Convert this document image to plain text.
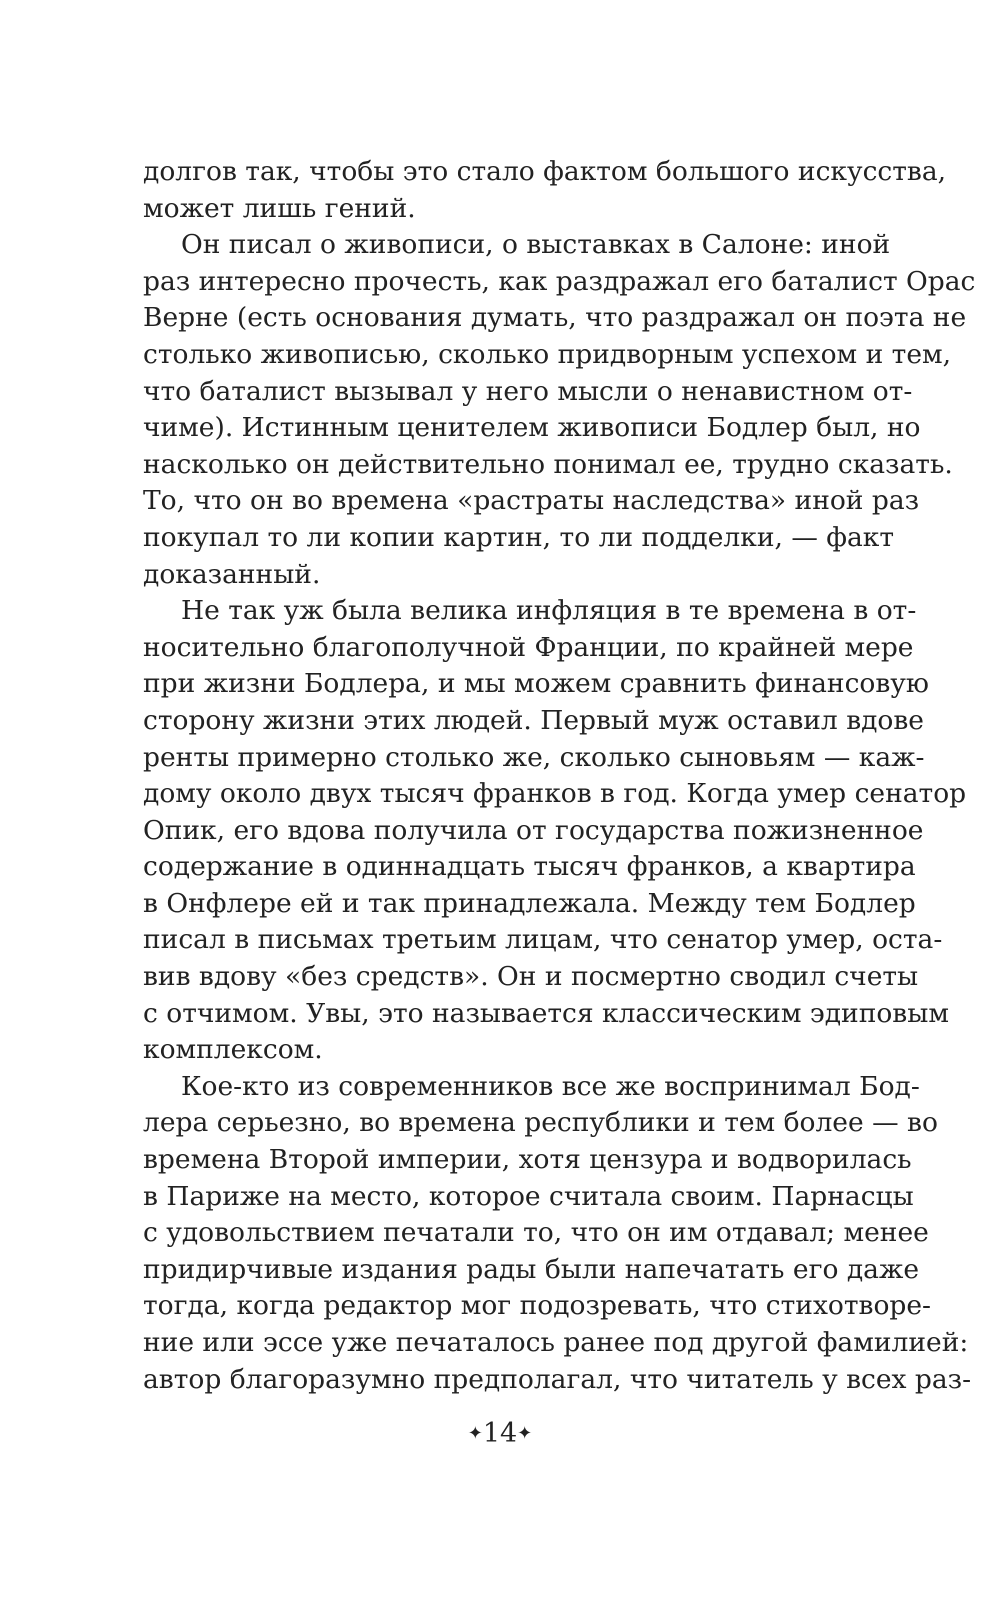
долгов так, чтобы это стало фактом большого искусства,
может лишь гений.
Он писал о живописи, о выставках в Салоне: иной
раз интересно прочесть, как раздражал его баталист Орас
Верне (есть основания думать, что раздражал он поэта не
столько живописью, сколько придворным успехом и тем,
что баталист вызывал у него мысли о ненавистном от-
чиме). Истинным ценителем живописи Бодлер был, но
насколько он действительно понимал ее, трудно сказать.
То, что он во времена «растраты наследства» иной раз
покупал то ли копии картин, то ли подделки, — факт
доказанный.
Не так уж была велика инфляция в те времена в от-
носительно благополучной Франции, по крайней мере
при жизни Бодлера, и мы можем сравнить финансовую
сторону жизни этих людей. Первый муж оставил вдове
ренты примерно столько же, сколько сыновьям — каж-
дому около двух тысяч франков в год. Когда умер сенатор
Опик, его вдова получила от государства пожизненное
содержание в одиннадцать тысяч франков, а квартира
в Онфлере ей и так принадлежала. Между тем Бодлер
писал в письмах третьим лицам, что сенатор умер, оста-
вив вдову «без средств». Он и посмертно сводил счеты
с отчимом. Увы, это называется классическим эдиповым
комплексом.
Кое-кто из современников все же воспринимал Бод-
лера серьезно, во времена республики и тем более — во
времена Второй империи, хотя цензура и водворилась
в Париже на место, которое считала своим. Парнасцы
с удовольствием печатали то, что он им отдавал; менее
придирчивые издания рады были напечатать его даже
тогда, когда редактор мог подозревать, что стихотворе-
ние или эссе уже печаталось ранее под другой фамилией:
автор благоразумно предполагал, что читатель у всех раз-
✦14✦
